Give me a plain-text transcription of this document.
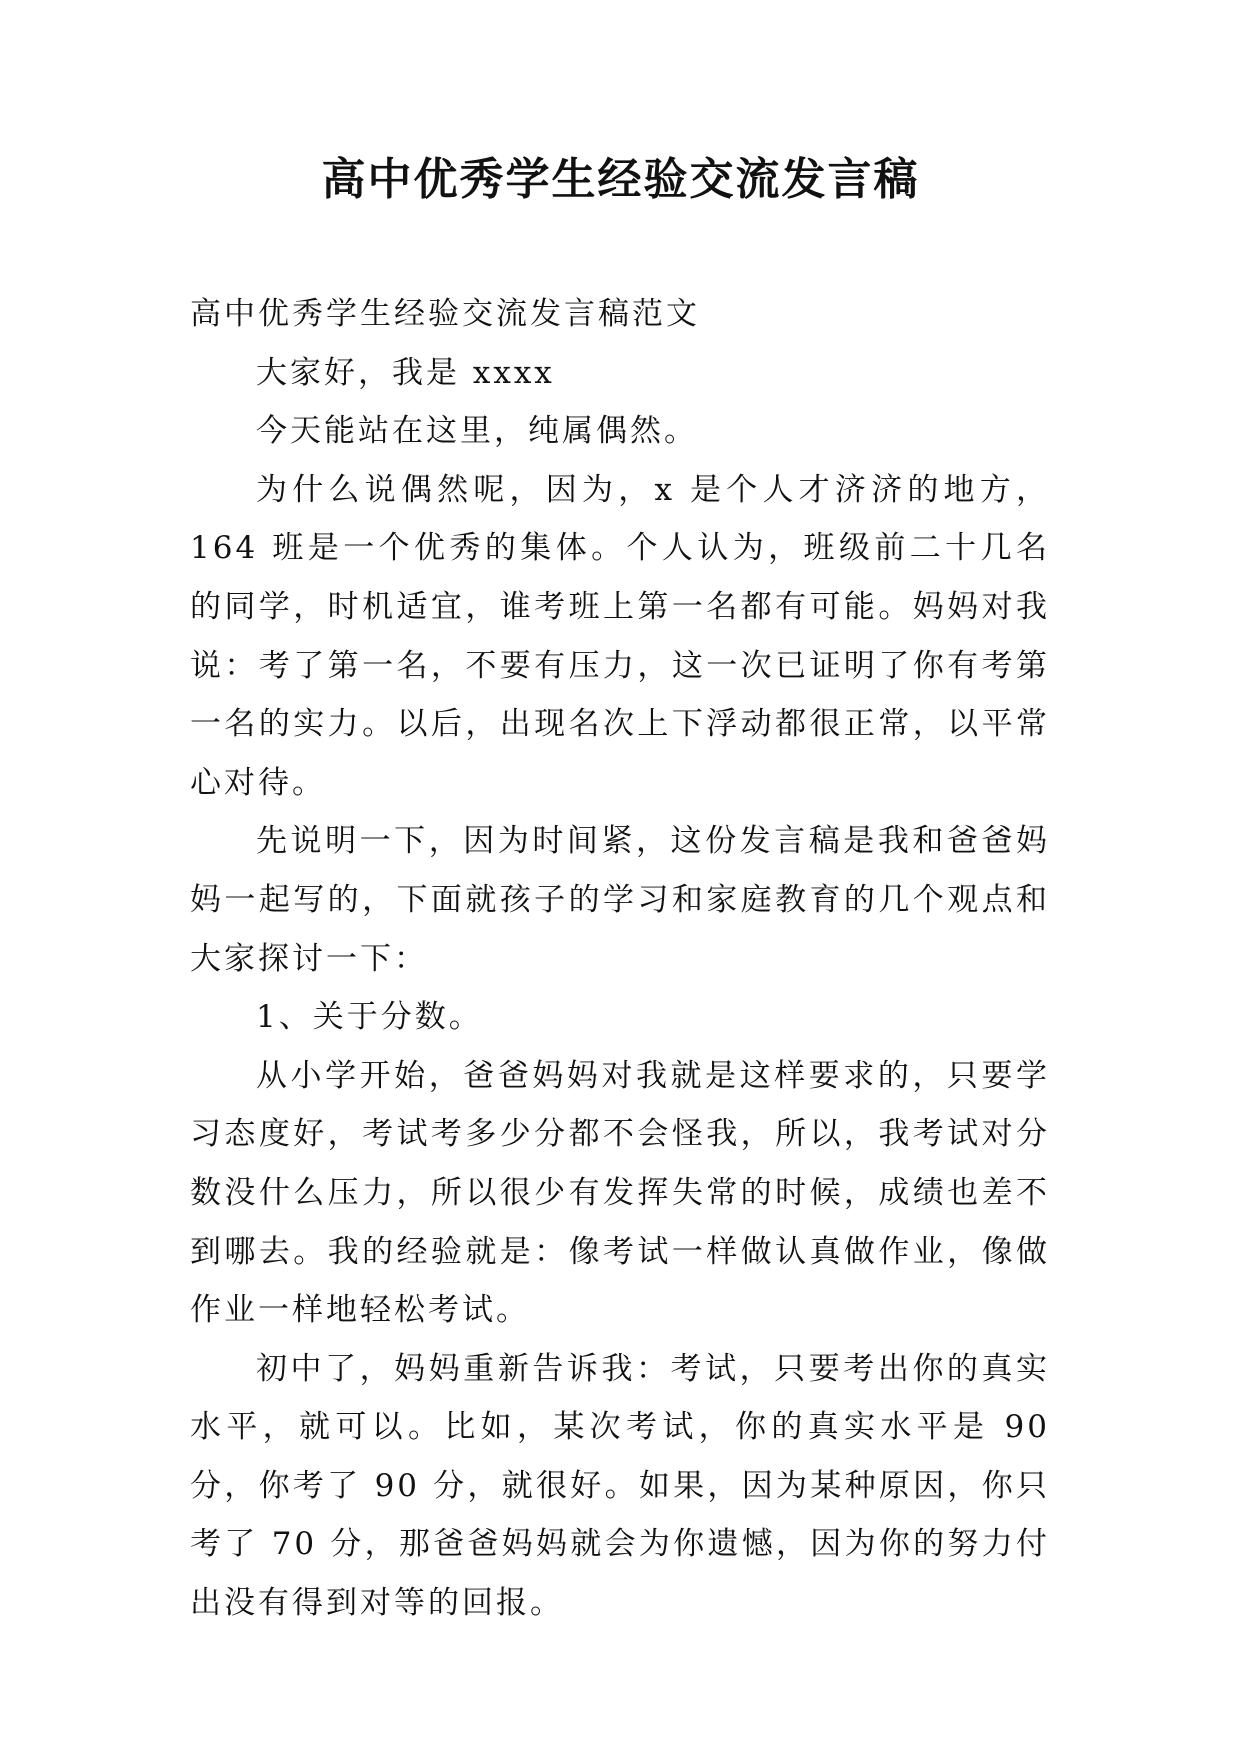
高中优秀学生经验交流发言稿

高中优秀学生经验交流发言稿范文

大家好，我是 xxxx

今天能站在这里，纯属偶然。

为什么说偶然呢，因为，x 是个人才济济的地方，164 班是一个优秀的集体。个人认为，班级前二十几名的同学，时机适宜，谁考班上第一名都有可能。妈妈对我说：考了第一名，不要有压力，这一次已证明了你有考第一名的实力。以后，出现名次上下浮动都很正常，以平常心对待。

先说明一下，因为时间紧，这份发言稿是我和爸爸妈妈一起写的，下面就孩子的学习和家庭教育的几个观点和大家探讨一下：

1、关于分数。

从小学开始，爸爸妈妈对我就是这样要求的，只要学习态度好，考试考多少分都不会怪我，所以，我考试对分数没什么压力，所以很少有发挥失常的时候，成绩也差不到哪去。我的经验就是：像考试一样做认真做作业，像做作业一样地轻松考试。

初中了，妈妈重新告诉我：考试，只要考出你的真实水平，就可以。比如，某次考试，你的真实水平是 90 分，你考了 90 分，就很好。如果，因为某种原因，你只考了 70 分，那爸爸妈妈就会为你遗憾，因为你的努力付出没有得到对等的回报。
